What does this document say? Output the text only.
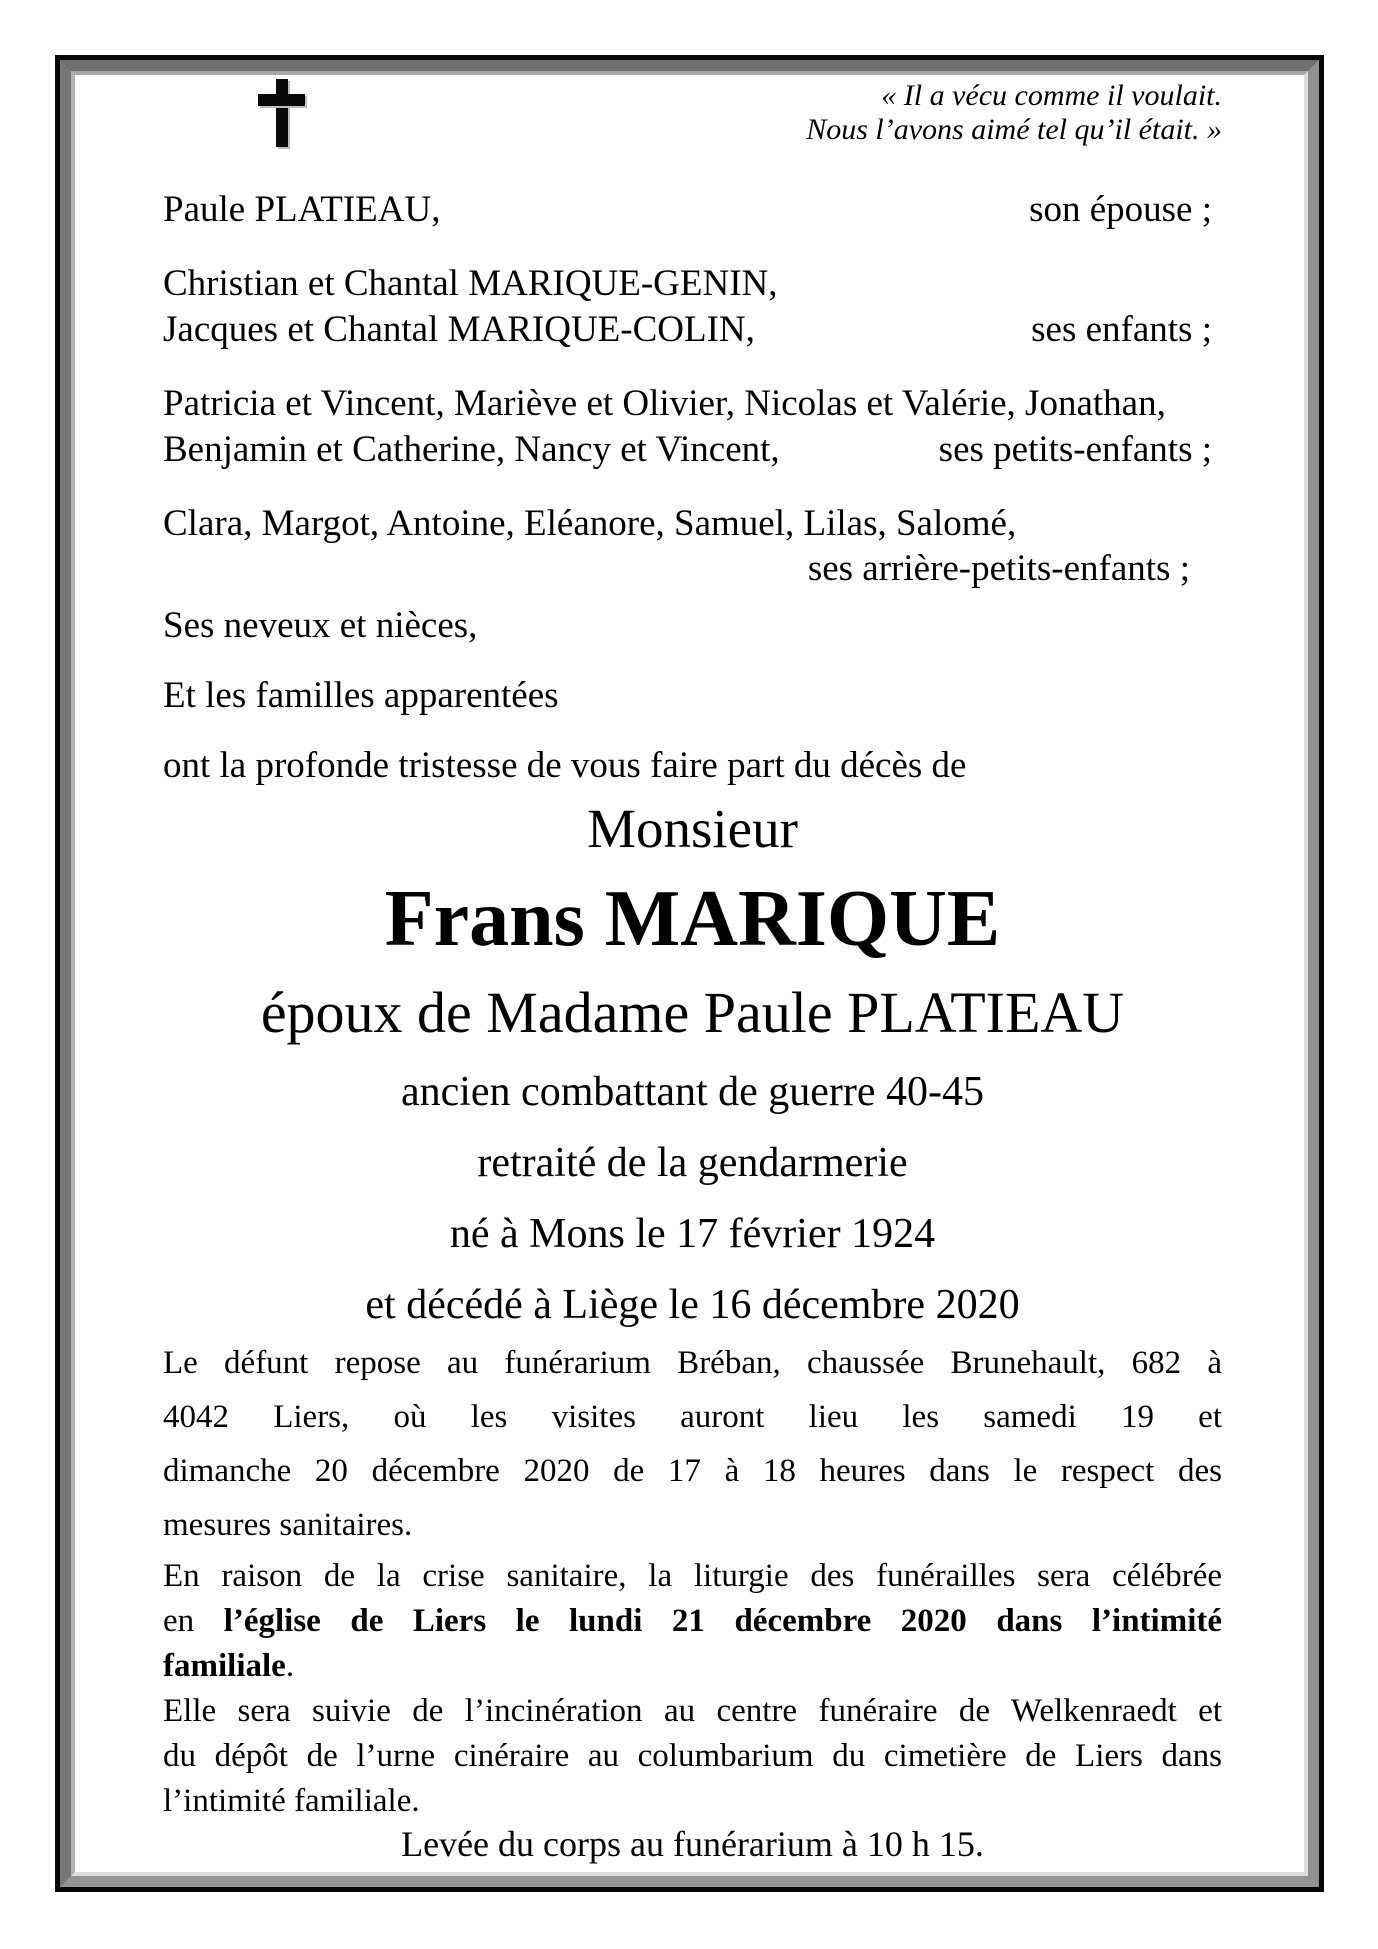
« Il a vécu comme il voulait.
Nous l’avons aimé tel qu’il était. »
Paule PLATIEAU,	son épouse ;
Christian et Chantal MARIQUE-GENIN,
Jacques et Chantal MARIQUE-COLIN,	ses enfants ;
Patricia et Vincent, Mariève et Olivier, Nicolas et Valérie, Jonathan,
Benjamin et Catherine, Nancy et Vincent,	ses petits-enfants ;
Clara, Margot, Antoine, Eléanore, Samuel, Lilas, Salomé,
ses arrière-petits-enfants ;
Ses neveux et nièces,
Et les familles apparentées
ont la profonde tristesse de vous faire part du décès de
Monsieur
Frans MARIQUE
époux de Madame Paule PLATIEAU
ancien combattant de guerre 40-45
retraité de la gendarmerie
né à Mons le 17 février 1924
et décédé à Liège le 16 décembre 2020
Le défunt repose au funérarium Bréban, chaussée Brunehault, 682 à
4042 Liers, où les visites auront lieu les samedi 19 et
dimanche 20 décembre 2020 de 17 à 18 heures dans le respect des
mesures sanitaires.
En raison de la crise sanitaire, la liturgie des funérailles sera célébrée
en l’église de Liers le lundi 21 décembre 2020 dans l’intimité
familiale.
Elle sera suivie de l’incinération au centre funéraire de Welkenraedt et
du dépôt de l’urne cinéraire au columbarium du cimetière de Liers dans
l’intimité familiale.
Levée du corps au funérarium à 10 h 15.
